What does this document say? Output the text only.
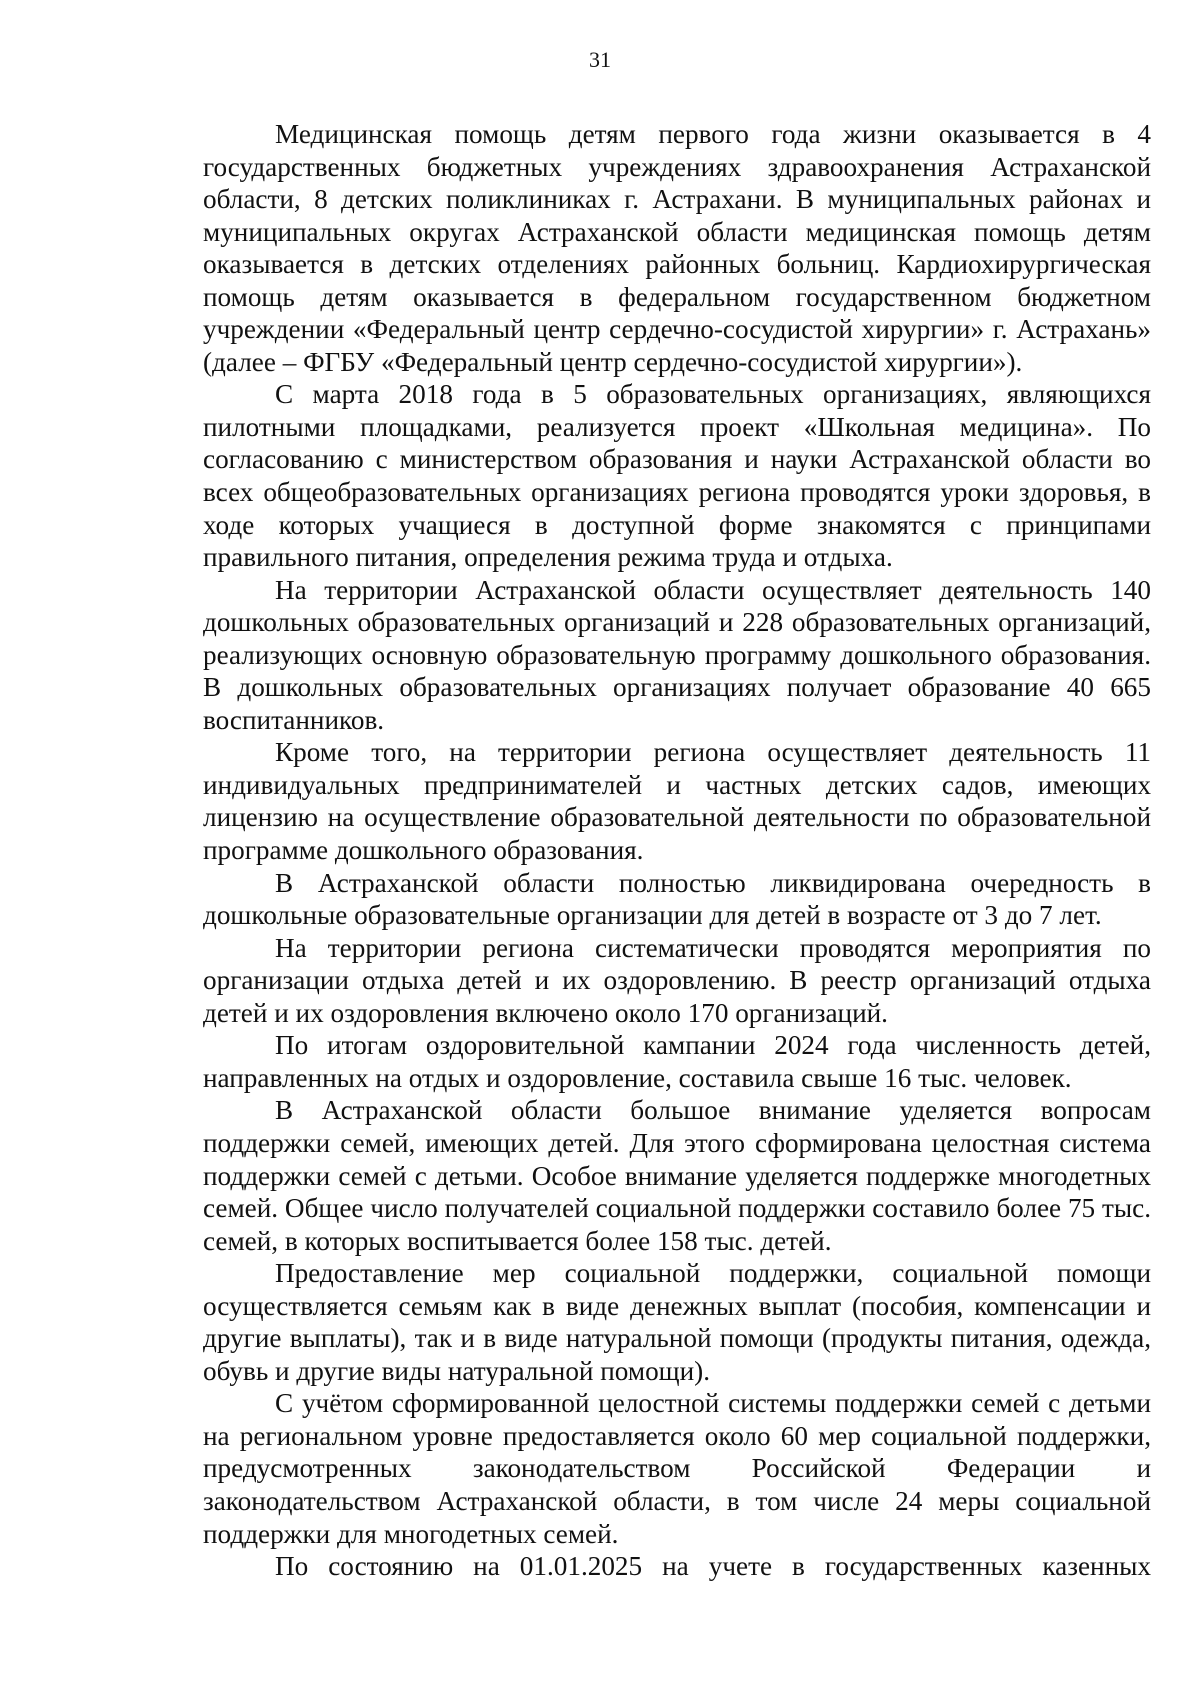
31

Медицинская помощь детям первого года жизни оказывается в 4 государственных бюджетных учреждениях здравоохранения Астраханской области, 8 детских поликлиниках г. Астрахани. В муниципальных районах и муниципальных округах Астраханской области медицинская помощь детям оказывается в детских отделениях районных больниц. Кардиохирургическая помощь детям оказывается в федеральном государственном бюджетном учреждении «Федеральный центр сердечно-сосудистой хирургии» г. Астрахань» (далее – ФГБУ «Федеральный центр сердечно-сосудистой хирургии»).

С марта 2018 года в 5 образовательных организациях, являющихся пилотными площадками, реализуется проект «Школьная медицина». По согласованию с министерством образования и науки Астраханской области во всех общеобразовательных организациях региона проводятся уроки здоровья, в ходе которых учащиеся в доступной форме знакомятся с принципами правильного питания, определения режима труда и отдыха.

На территории Астраханской области осуществляет деятельность 140 дошкольных образовательных организаций и 228 образовательных организаций, реализующих основную образовательную программу дошкольного образования. В дошкольных образовательных организациях получает образование 40 665 воспитанников.

Кроме того, на территории региона осуществляет деятельность 11 индивидуальных предпринимателей и частных детских садов, имеющих лицензию на осуществление образовательной деятельности по образовательной программе дошкольного образования.

В Астраханской области полностью ликвидирована очередность в дошкольные образовательные организации для детей в возрасте от 3 до 7 лет.

На территории региона систематически проводятся мероприятия по организации отдыха детей и их оздоровлению. В реестр организаций отдыха детей и их оздоровления включено около 170 организаций.

По итогам оздоровительной кампании 2024 года численность детей, направленных на отдых и оздоровление, составила свыше 16 тыс. человек.

В Астраханской области большое внимание уделяется вопросам поддержки семей, имеющих детей. Для этого сформирована целостная система поддержки семей с детьми. Особое внимание уделяется поддержке многодетных семей. Общее число получателей социальной поддержки составило более 75 тыс. семей, в которых воспитывается более 158 тыс. детей.

Предоставление мер социальной поддержки, социальной помощи осуществляется семьям как в виде денежных выплат (пособия, компенсации и другие выплаты), так и в виде натуральной помощи (продукты питания, одежда, обувь и другие виды натуральной помощи).

С учётом сформированной целостной системы поддержки семей с детьми на региональном уровне предоставляется около 60 мер социальной поддержки, предусмотренных законодательством Российской Федерации и законодательством Астраханской области, в том числе 24 меры социальной поддержки для многодетных семей.

По состоянию на 01.01.2025 на учете в государственных казенных
